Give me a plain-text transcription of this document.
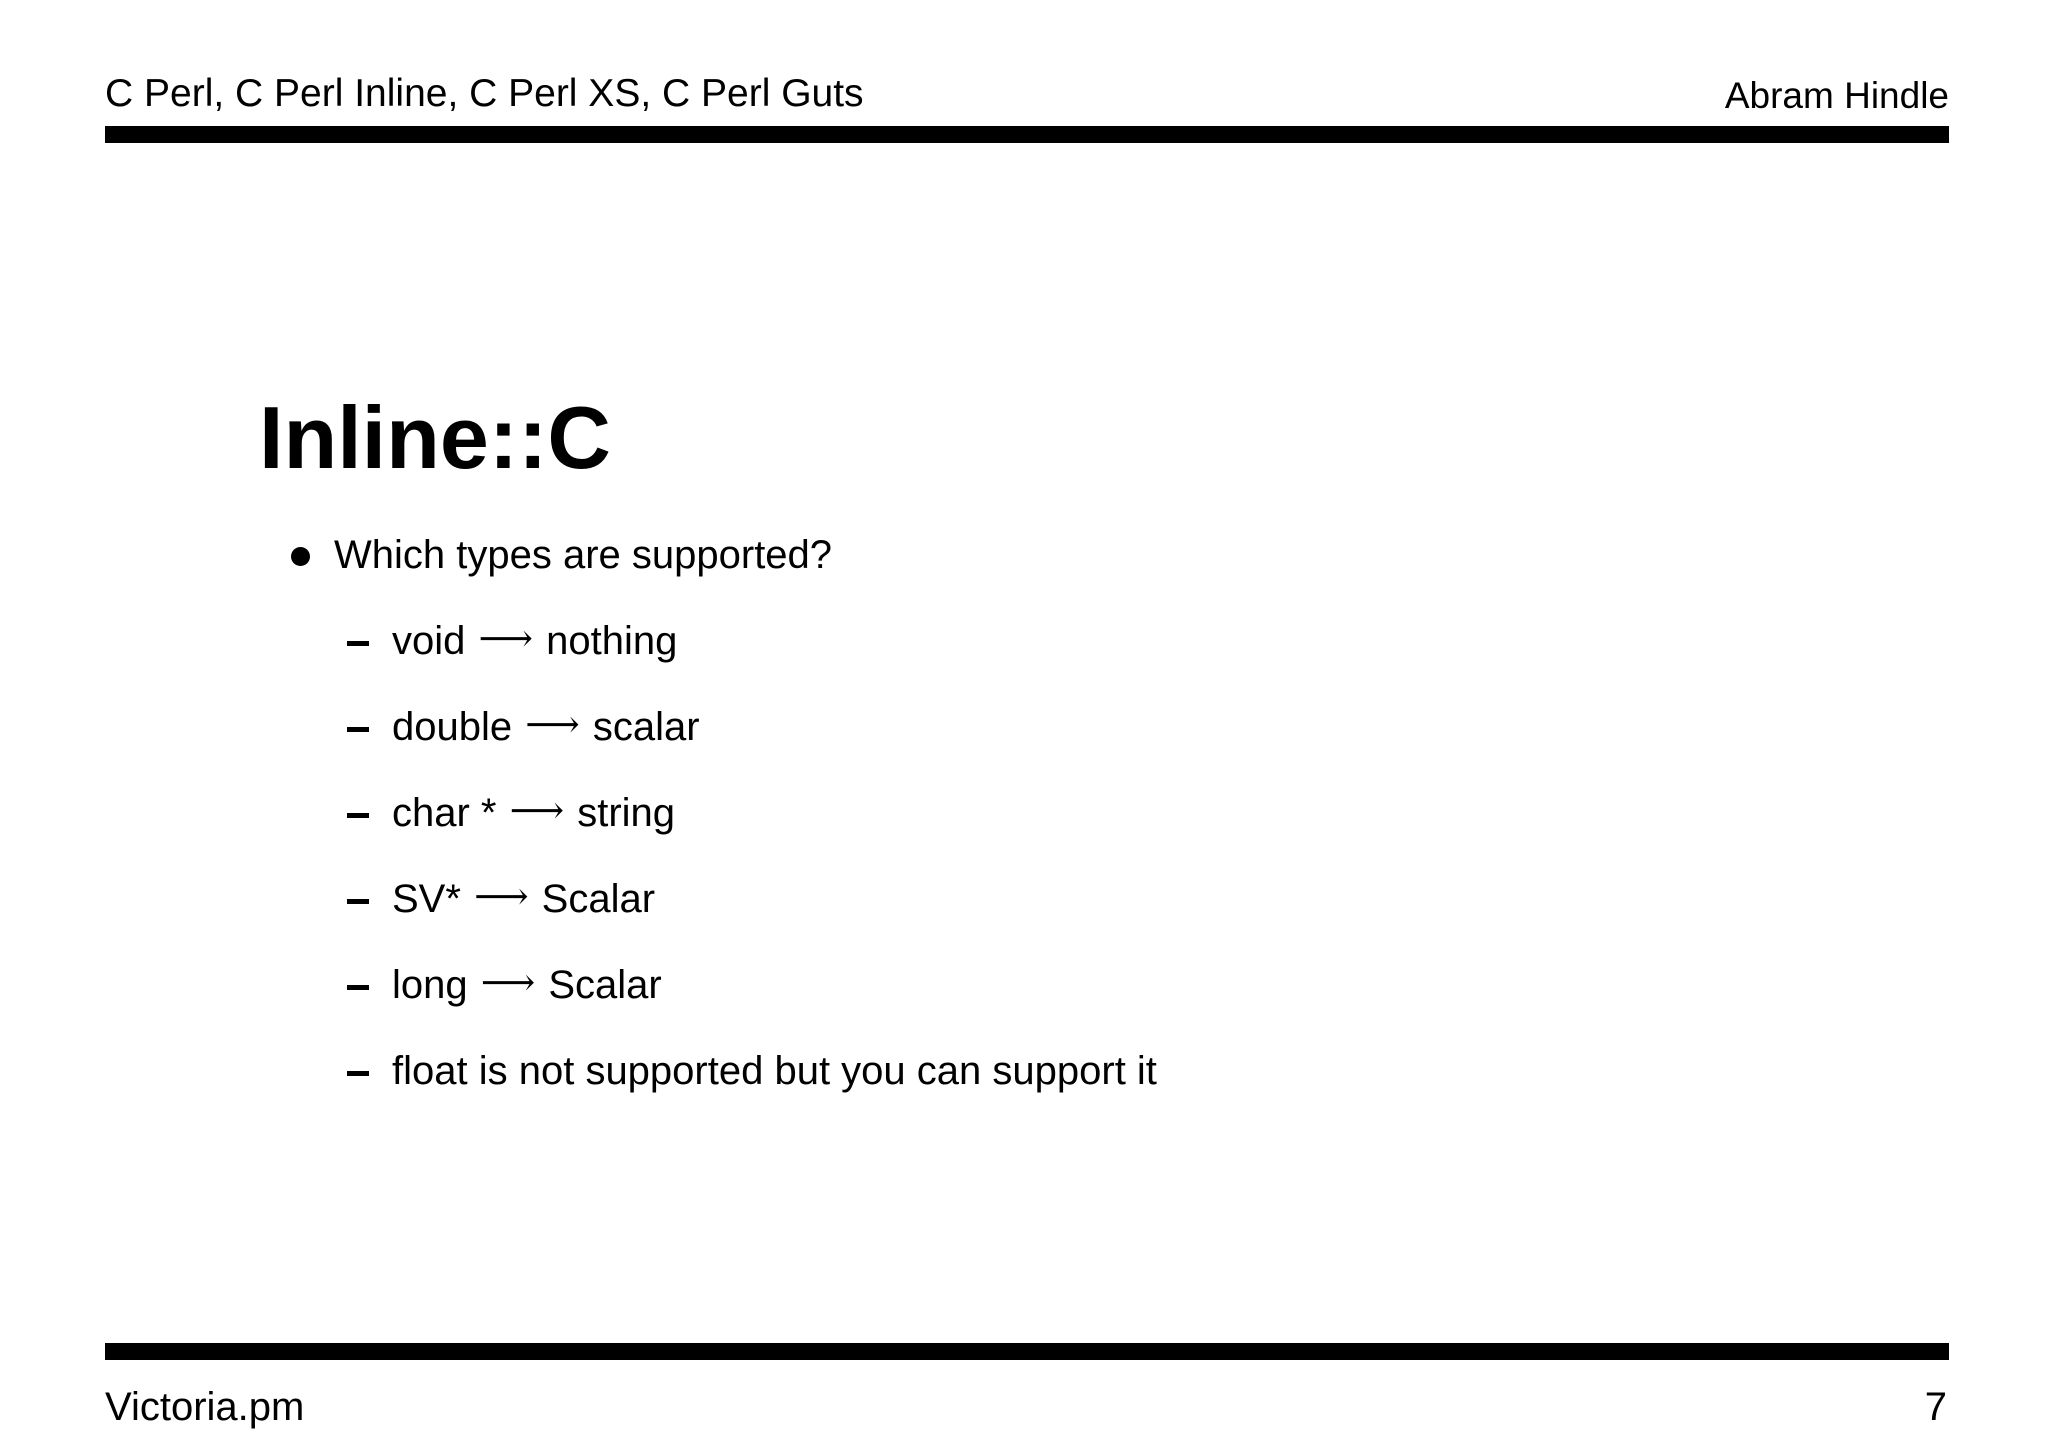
C Perl, C Perl Inline, C Perl XS, C Perl Guts	Abram Hindle
Inline::C
Which types are supported?
void ⟶ nothing
double ⟶ scalar
char * ⟶ string
SV* ⟶ Scalar
long ⟶ Scalar
float is not supported but you can support it
Victoria.pm	7
